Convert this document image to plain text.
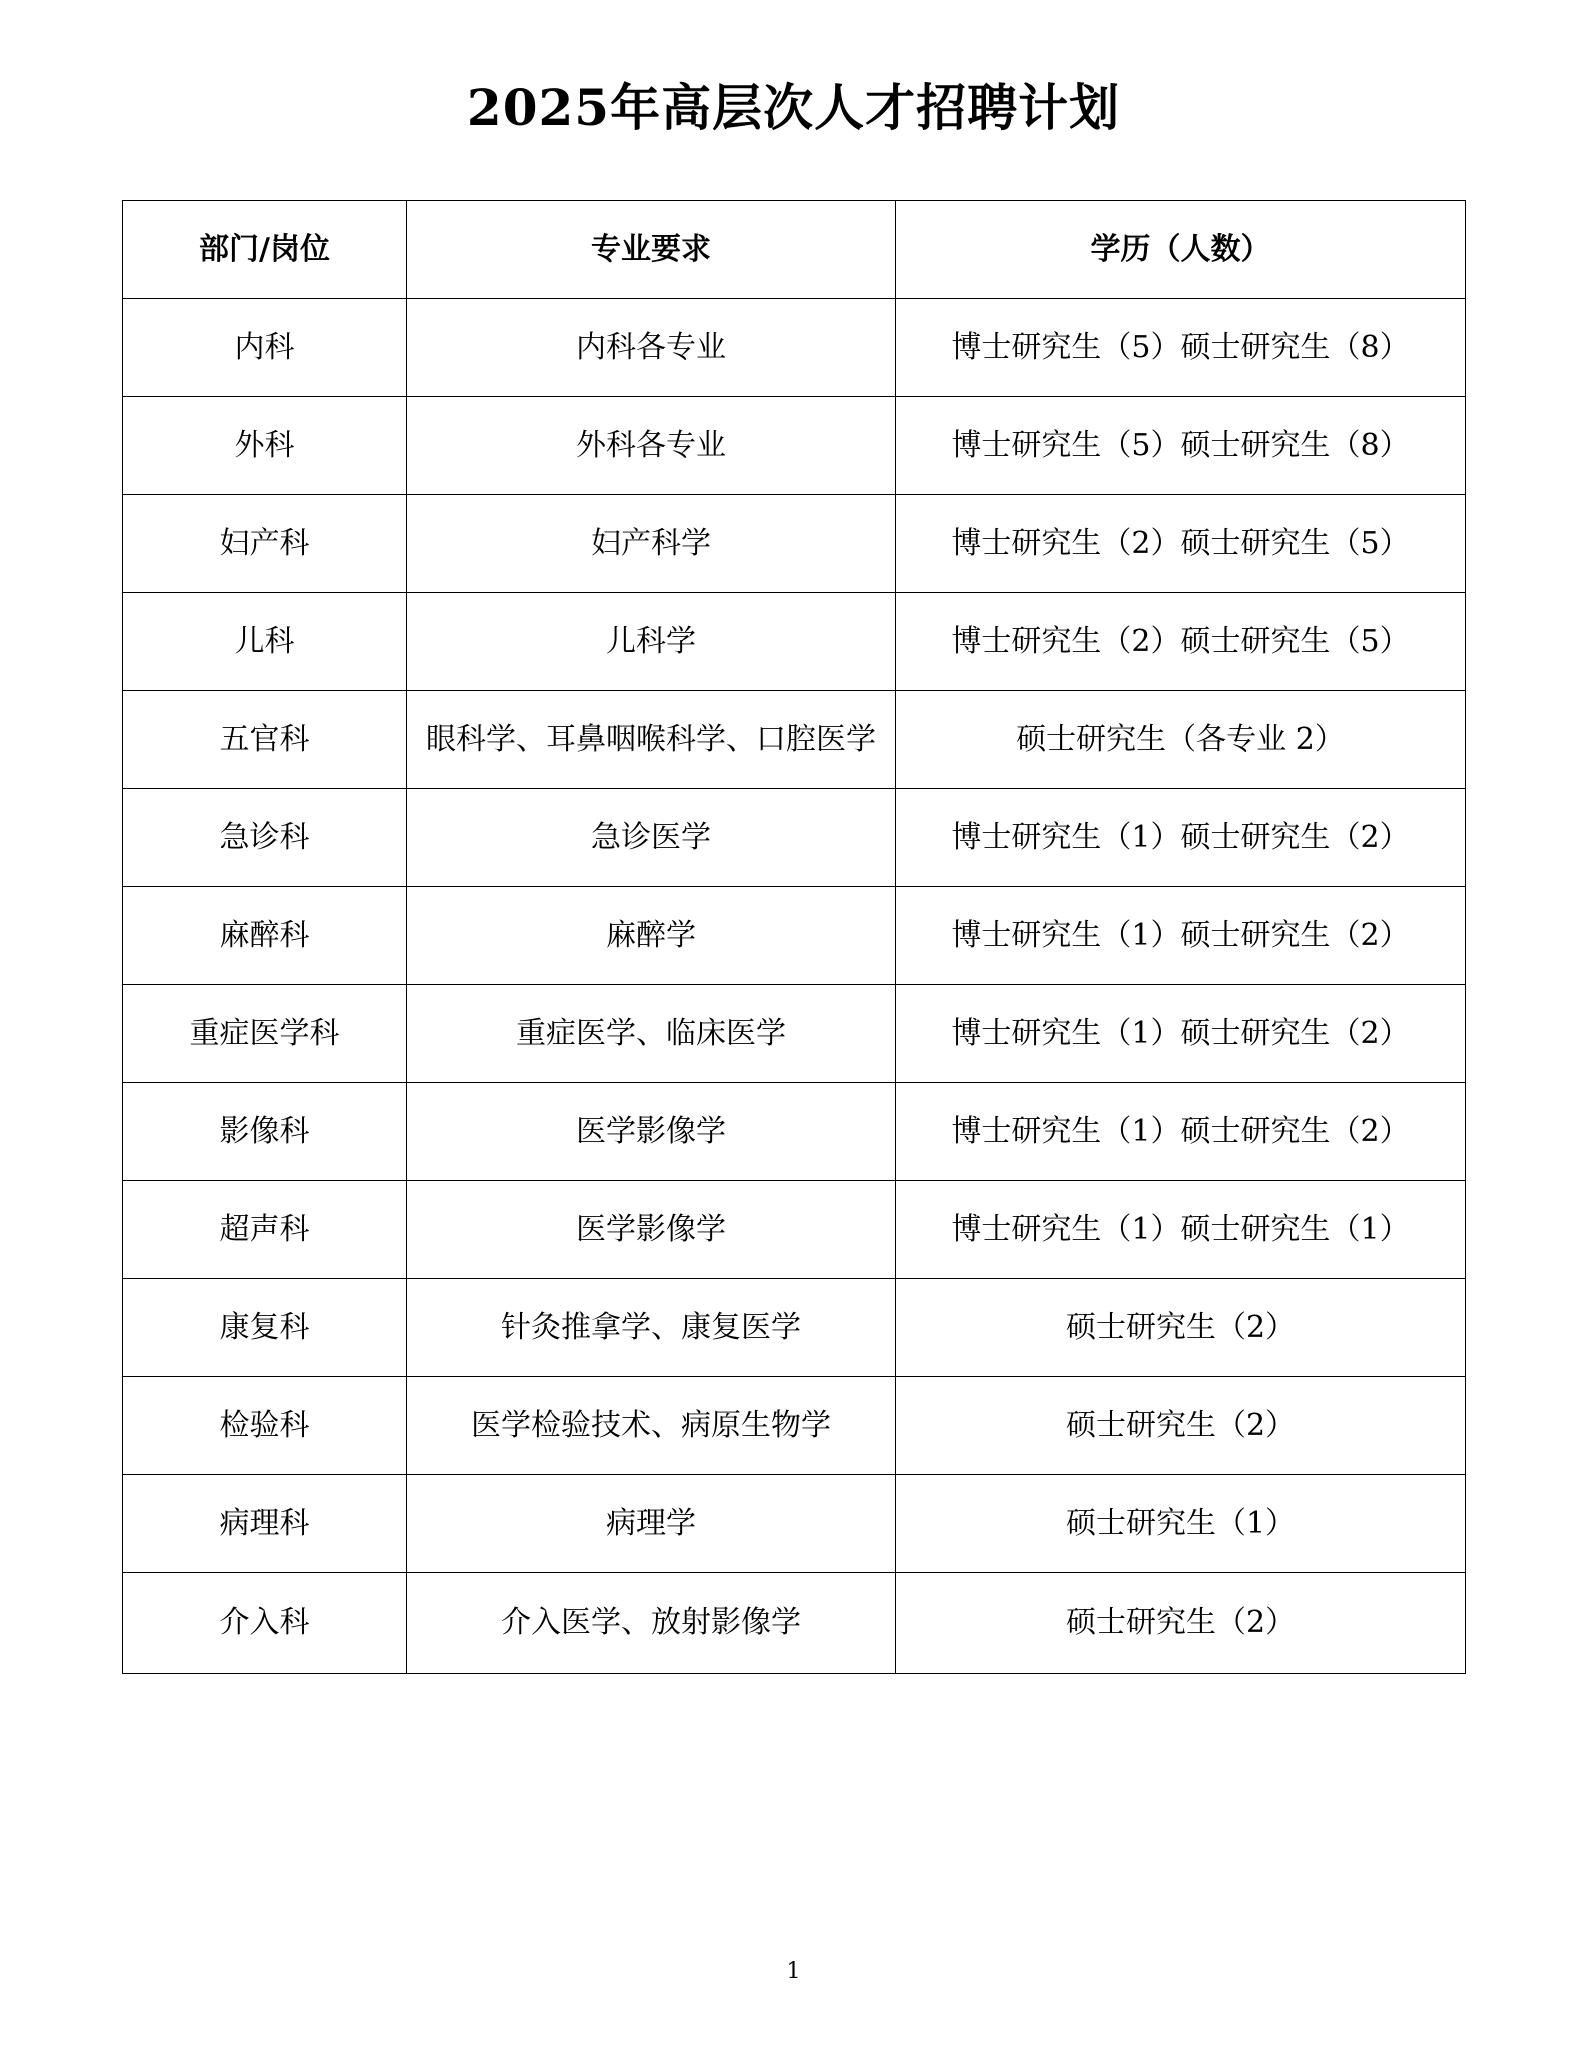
2025年高层次人才招聘计划
部门/岗位	专业要求	学历（人数）
内科	内科各专业	博士研究生（5）硕士研究生（8）
外科	外科各专业	博士研究生（5）硕士研究生（8）
妇产科	妇产科学	博士研究生（2）硕士研究生（5）
儿科	儿科学	博士研究生（2）硕士研究生（5）
五官科	眼科学、耳鼻咽喉科学、口腔医学	硕士研究生（各专业 2）
急诊科	急诊医学	博士研究生（1）硕士研究生（2）
麻醉科	麻醉学	博士研究生（1）硕士研究生（2）
重症医学科	重症医学、临床医学	博士研究生（1）硕士研究生（2）
影像科	医学影像学	博士研究生（1）硕士研究生（2）
超声科	医学影像学	博士研究生（1）硕士研究生（1）
康复科	针灸推拿学、康复医学	硕士研究生（2）
检验科	医学检验技术、病原生物学	硕士研究生（2）
病理科	病理学	硕士研究生（1）
介入科	介入医学、放射影像学	硕士研究生（2）
1
